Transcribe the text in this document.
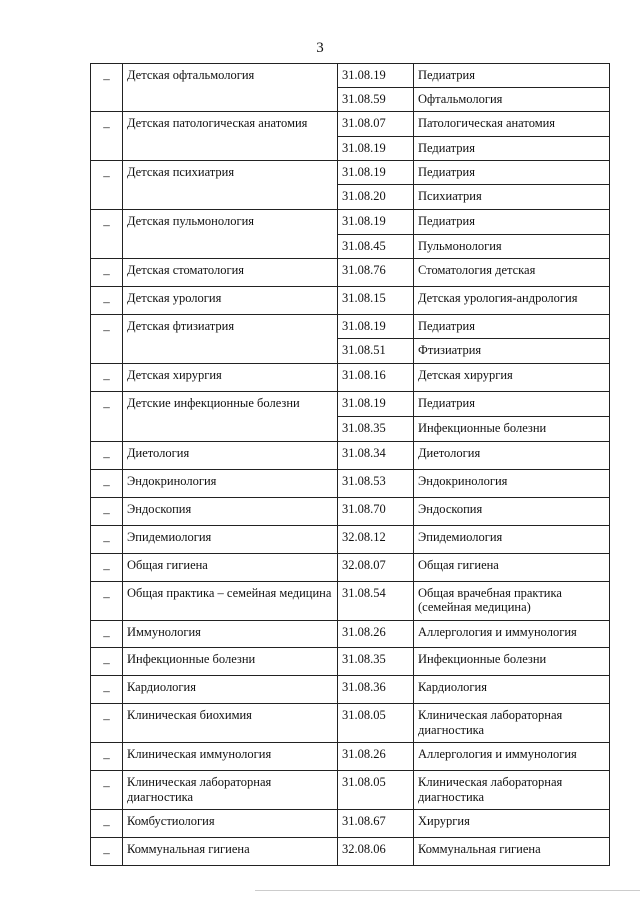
3
–	Детская офтальмология	31.08.19	Педиатрия
		31.08.59	Офтальмология
–	Детская патологическая анатомия	31.08.07	Патологическая анатомия
		31.08.19	Педиатрия
–	Детская психиатрия	31.08.19	Педиатрия
		31.08.20	Психиатрия
–	Детская пульмонология	31.08.19	Педиатрия
		31.08.45	Пульмонология
–	Детская стоматология	31.08.76	Стоматология детская
–	Детская урология	31.08.15	Детская урология-андрология
–	Детская фтизиатрия	31.08.19	Педиатрия
		31.08.51	Фтизиатрия
–	Детская хирургия	31.08.16	Детская хирургия
–	Детские инфекционные болезни	31.08.19	Педиатрия
		31.08.35	Инфекционные болезни
–	Диетология	31.08.34	Диетология
–	Эндокринология	31.08.53	Эндокринология
–	Эндоскопия	31.08.70	Эндоскопия
–	Эпидемиология	32.08.12	Эпидемиология
–	Общая гигиена	32.08.07	Общая гигиена
–	Общая практика – семейная медицина	31.08.54	Общая врачебная практика (семейная медицина)
–	Иммунология	31.08.26	Аллергология и иммунология
–	Инфекционные болезни	31.08.35	Инфекционные болезни
–	Кардиология	31.08.36	Кардиология
–	Клиническая биохимия	31.08.05	Клиническая лабораторная диагностика
–	Клиническая иммунология	31.08.26	Аллергология и иммунология
–	Клиническая лабораторная диагностика	31.08.05	Клиническая лабораторная диагностика
–	Комбустиология	31.08.67	Хирургия
–	Коммунальная гигиена	32.08.06	Коммунальная гигиена
